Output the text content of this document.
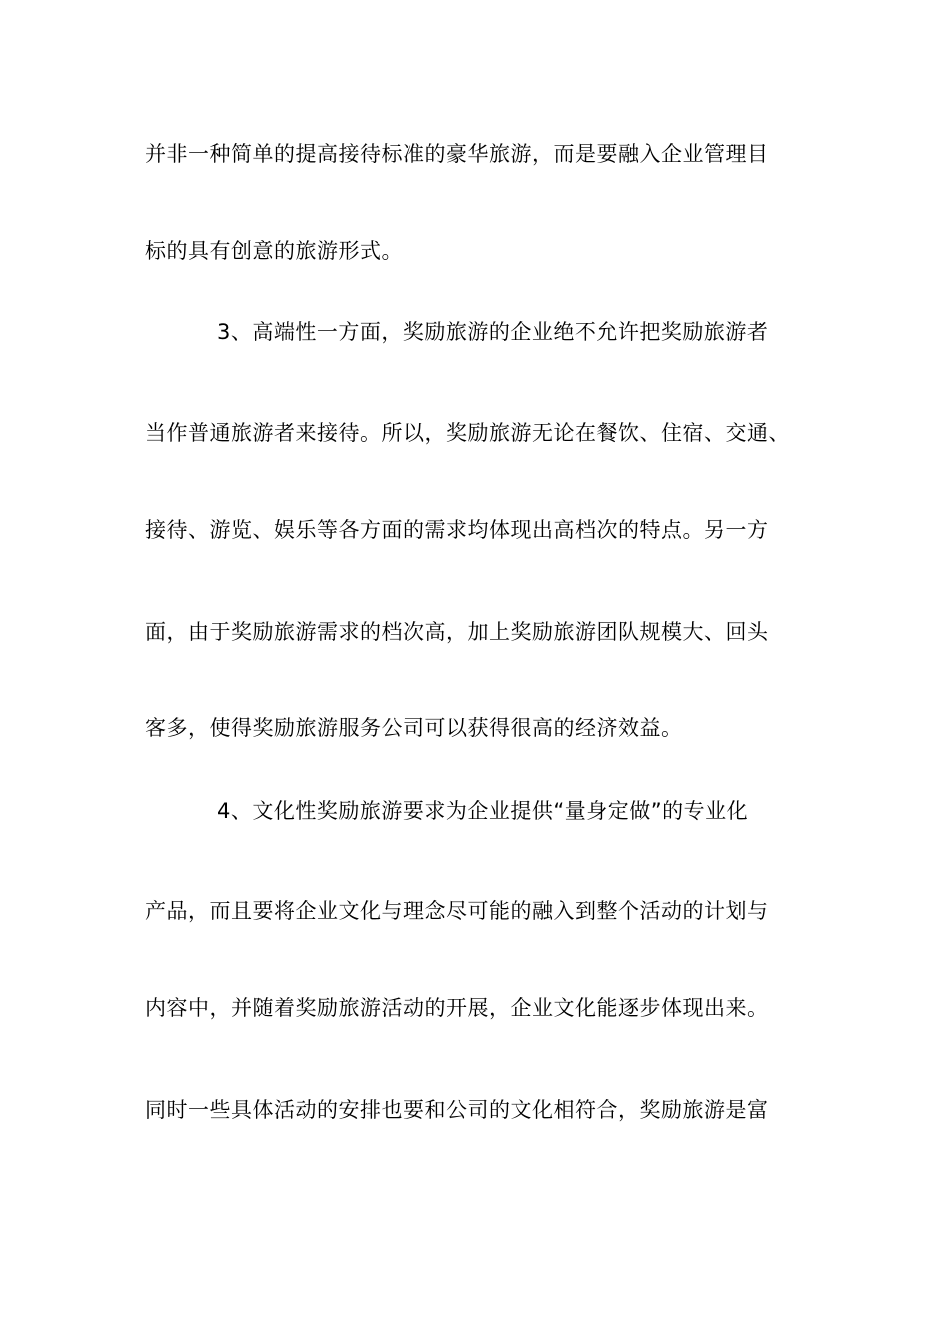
并非一种简单的提高接待标准的豪华旅游，而是要融入企业管理目
标的具有创意的旅游形式。
3、高端性一方面，奖励旅游的企业绝不允许把奖励旅游者
当作普通旅游者来接待。所以，奖励旅游无论在餐饮、住宿、交通、
接待、游览、娱乐等各方面的需求均体现出高档次的特点。另一方
面，由于奖励旅游需求的档次高，加上奖励旅游团队规模大、回头
客多，使得奖励旅游服务公司可以获得很高的经济效益。
4、文化性奖励旅游要求为企业提供“量身定做”的专业化
产品，而且要将企业文化与理念尽可能的融入到整个活动的计划与
内容中，并随着奖励旅游活动的开展，企业文化能逐步体现出来。
同时一些具体活动的安排也要和公司的文化相符合，奖励旅游是富
